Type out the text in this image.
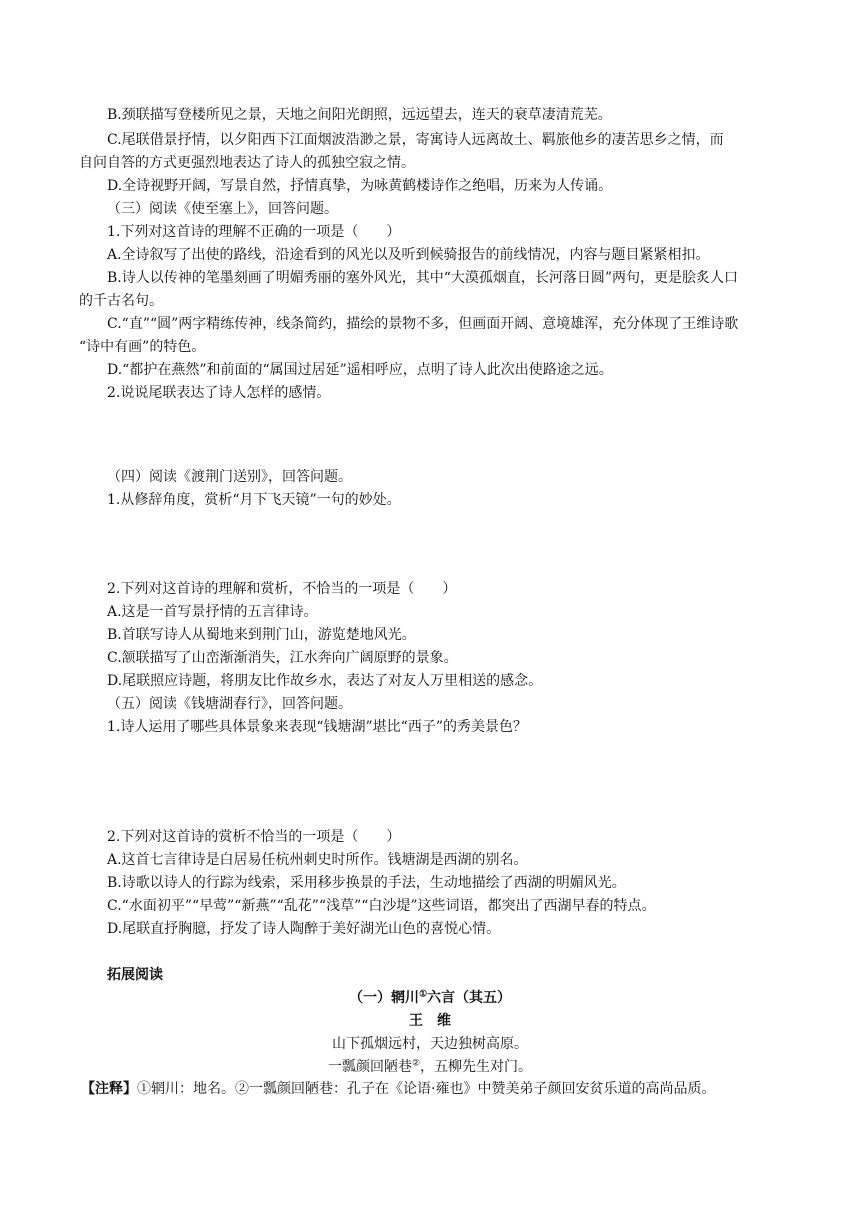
B.颈联描写登楼所见之景，天地之间阳光朗照，远远望去，连天的衰草凄清荒芜。
C.尾联借景抒情，以夕阳西下江面烟波浩渺之景，寄寓诗人远离故土、羁旅他乡的凄苦思乡之情，而
自问自答的方式更强烈地表达了诗人的孤独空寂之情。
D.全诗视野开阔，写景自然，抒情真挚，为咏黄鹤楼诗作之绝唱，历来为人传诵。
（三）阅读《使至塞上》，回答问题。
1.下列对这首诗的理解不正确的一项是（　　）
A.全诗叙写了出使的路线，沿途看到的风光以及听到候骑报告的前线情况，内容与题目紧紧相扣。
B.诗人以传神的笔墨刻画了明媚秀丽的塞外风光，其中“大漠孤烟直，长河落日圆”两句，更是脍炙人口
的千古名句。
C.“直”“圆”两字精练传神，线条简约，描绘的景物不多，但画面开阔、意境雄浑，充分体现了王维诗歌
“诗中有画”的特色。
D.“都护在燕然”和前面的“属国过居延”遥相呼应，点明了诗人此次出使路途之远。
2.说说尾联表达了诗人怎样的感情。
（四）阅读《渡荆门送别》，回答问题。
1.从修辞角度，赏析“月下飞天镜”一句的妙处。
2.下列对这首诗的理解和赏析，不恰当的一项是（　　）
A.这是一首写景抒情的五言律诗。
B.首联写诗人从蜀地来到荆门山，游览楚地风光。
C.颔联描写了山峦渐渐消失，江水奔向广阔原野的景象。
D.尾联照应诗题，将朋友比作故乡水，表达了对友人万里相送的感念。
（五）阅读《钱塘湖春行》，回答问题。
1.诗人运用了哪些具体景象来表现“钱塘湖”堪比“西子”的秀美景色？
2.下列对这首诗的赏析不恰当的一项是（　　）
A.这首七言律诗是白居易任杭州刺史时所作。钱塘湖是西湖的别名。
B.诗歌以诗人的行踪为线索，采用移步换景的手法，生动地描绘了西湖的明媚风光。
C.“水面初平”“早莺”“新燕”“乱花”“浅草”“白沙堤”这些词语，都突出了西湖早春的特点。
D.尾联直抒胸臆，抒发了诗人陶醉于美好湖光山色的喜悦心情。
拓展阅读
（一）辋川①六言（其五）
王　维
山下孤烟远村，天边独树高原。
一瓢颜回陋巷②，五柳先生对门。
【注释】①辋川：地名。②一瓢颜回陋巷：孔子在《论语·雍也》中赞美弟子颜回安贫乐道的高尚品质。
